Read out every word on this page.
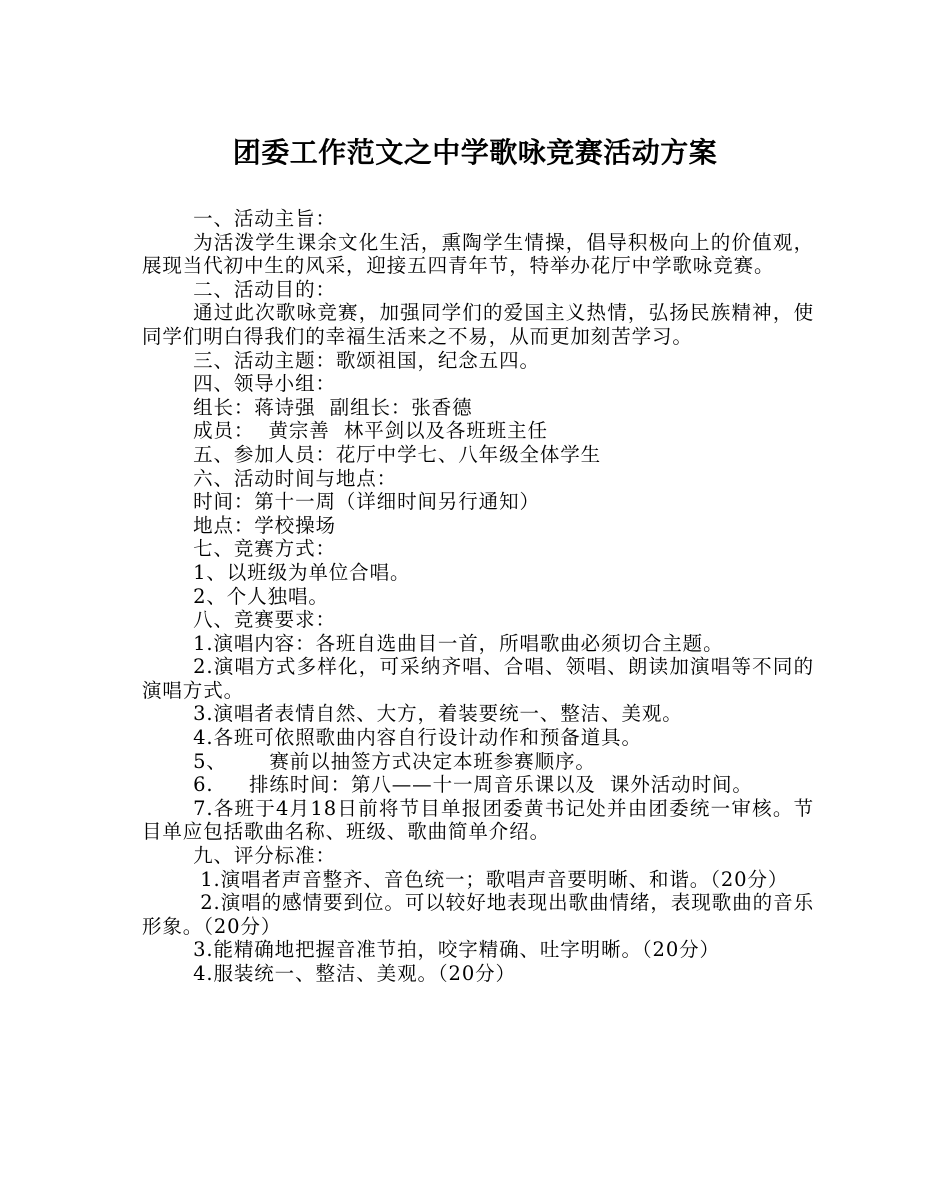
团委工作范文之中学歌咏竞赛活动方案

一、活动主旨：

为活泼学生课余文化生活，熏陶学生情操，倡导积极向上的价值观，展现当代初中生的风采，迎接五四青年节，特举办花厅中学歌咏竞赛。

二、活动目的：

通过此次歌咏竞赛，加强同学们的爱国主义热情，弘扬民族精神，使同学们明白得我们的幸福生活来之不易，从而更加刻苦学习。

三、活动主题：歌颂祖国，纪念五四。

四、领导小组：

组长：蒋诗强  副组长：张香德

成员：  黄宗善  林平剑以及各班班主任

五、参加人员：花厅中学七、八年级全体学生

六、活动时间与地点：

时间：第十一周（详细时间另行通知）

地点：学校操场

七、竞赛方式：

1、以班级为单位合唱。

2、个人独唱。

八、竞赛要求：

1.演唱内容：各班自选曲目一首，所唱歌曲必须切合主题。

2.演唱方式多样化，可采纳齐唱、合唱、领唱、朗读加演唱等不同的演唱方式。

3.演唱者表情自然、大方，着装要统一、整洁、美观。

4.各班可依照歌曲内容自行设计动作和预备道具。

5、      赛前以抽签方式决定本班参赛顺序。

6.     排练时间：第八——十一周音乐课以及  课外活动时间。

7.各班于4月18日前将节目单报团委黄书记处并由团委统一审核。节目单应包括歌曲名称、班级、歌曲简单介绍。

九、评分标准：

1.演唱者声音整齐、音色统一；歌唱声音要明晰、和谐。（20分）

2.演唱的感情要到位。可以较好地表现出歌曲情绪，表现歌曲的音乐形象。（20分）

3.能精确地把握音准节拍，咬字精确、吐字明晰。（20分）

4.服装统一、整洁、美观。（20分）
